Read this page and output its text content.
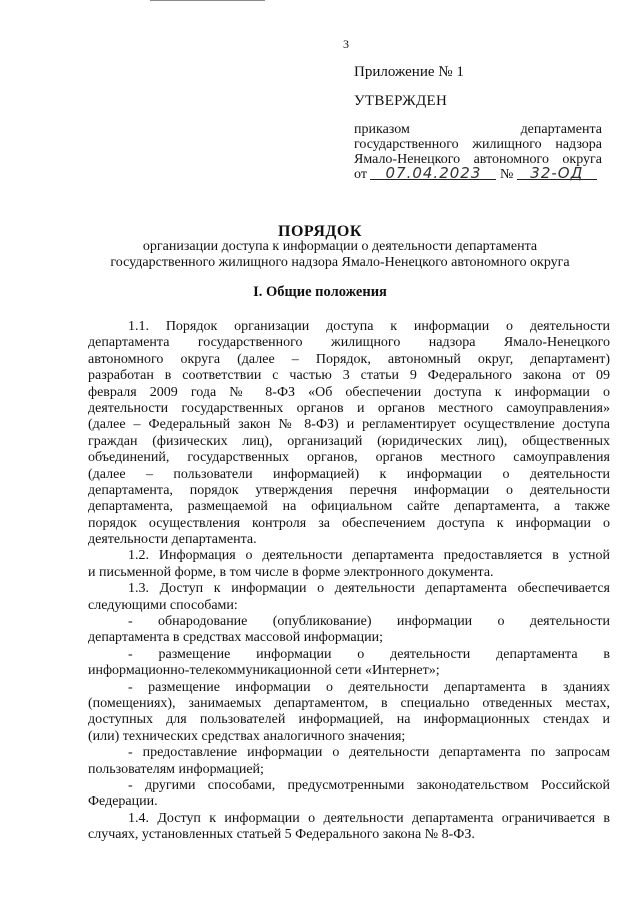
3
Приложение № 1
УТВЕРЖДЕН
приказом                              департамента
государственного жилищного надзора
Ямало-Ненецкого автономного округа
от 07.04.2023 № 32-ОД
ПОРЯДОК
организации доступа к информации о деятельности департамента
государственного жилищного надзора Ямало-Ненецкого автономного округа
I. Общие положения
1.1. Порядок организации доступа к информации о деятельности
департамента государственного жилищного надзора Ямало-Ненецкого
автономного округа (далее – Порядок, автономный округ, департамент)
разработан в соответствии с частью 3 статьи 9 Федерального закона от 09
февраля 2009 года № 8-ФЗ «Об обеспечении доступа к информации о
деятельности государственных органов и органов местного самоуправления»
(далее – Федеральный закон № 8-ФЗ) и регламентирует осуществление доступа
граждан (физических лиц), организаций (юридических лиц), общественных
объединений, государственных органов, органов местного самоуправления
(далее – пользователи информацией) к информации о деятельности
департамента, порядок утверждения перечня информации о деятельности
департамента, размещаемой на официальном сайте департамента, а также
порядок осуществления контроля за обеспечением доступа к информации о
деятельности департамента.
1.2. Информация о деятельности департамента предоставляется в устной
и письменной форме, в том числе в форме электронного документа.
1.3. Доступ к информации о деятельности департамента обеспечивается
следующими способами:
- обнародование (опубликование) информации о деятельности
департамента в средствах массовой информации;
- размещение информации о деятельности департамента в
информационно-телекоммуникационной сети «Интернет»;
- размещение информации о деятельности департамента в зданиях
(помещениях), занимаемых департаментом, в специально отведенных местах,
доступных для пользователей информацией, на информационных стендах и
(или) технических средствах аналогичного значения;
- предоставление информации о деятельности департамента по запросам
пользователям информацией;
- другими способами, предусмотренными законодательством Российской
Федерации.
1.4. Доступ к информации о деятельности департамента ограничивается в
случаях, установленных статьей 5 Федерального закона № 8-ФЗ.
